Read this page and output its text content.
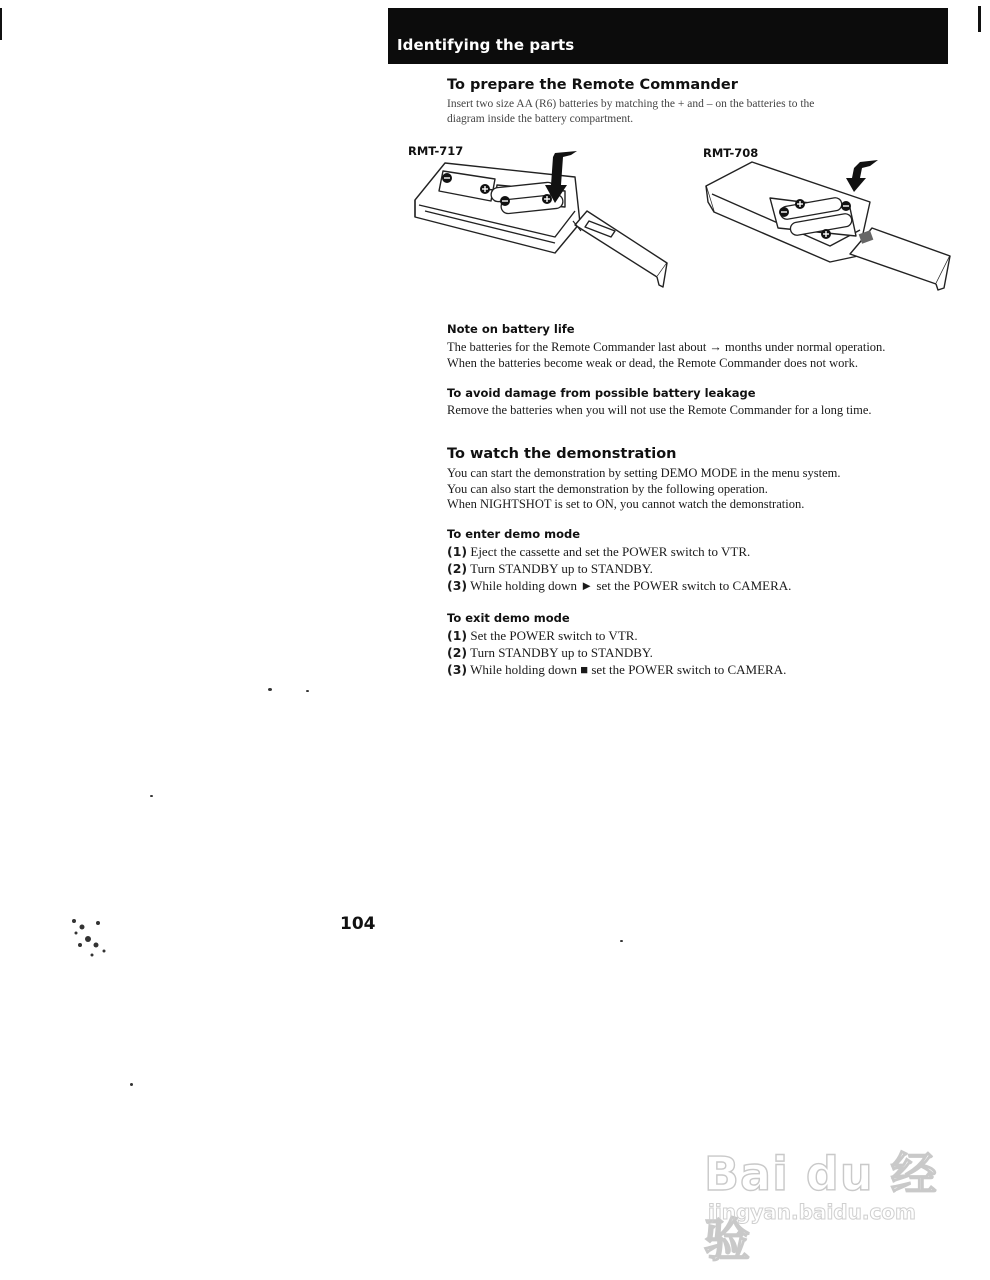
Identifying the parts
To prepare the Remote Commander
Insert two size AA (R6) batteries by matching the + and – on the batteries to the
diagram inside the battery compartment.
RMT-717	RMT-708
Note on battery life
The batteries for the Remote Commander last about → months under normal operation.
When the batteries become weak or dead, the Remote Commander does not work.
To avoid damage from possible battery leakage
Remove the batteries when you will not use the Remote Commander for a long time.
To watch the demonstration
You can start the demonstration by setting DEMO MODE in the menu system.
You can also start the demonstration by the following operation.
When NIGHTSHOT is set to ON, you cannot watch the demonstration.
To enter demo mode
(1) Eject the cassette and set the POWER switch to VTR.
(2) Turn STANDBY up to STANDBY.
(3) While holding down ► set the POWER switch to CAMERA.
To exit demo mode
(1) Set the POWER switch to VTR.
(2) Turn STANDBY up to STANDBY.
(3) While holding down ■ set the POWER switch to CAMERA.
104
Bai du 经验
jingyan.baidu.com
